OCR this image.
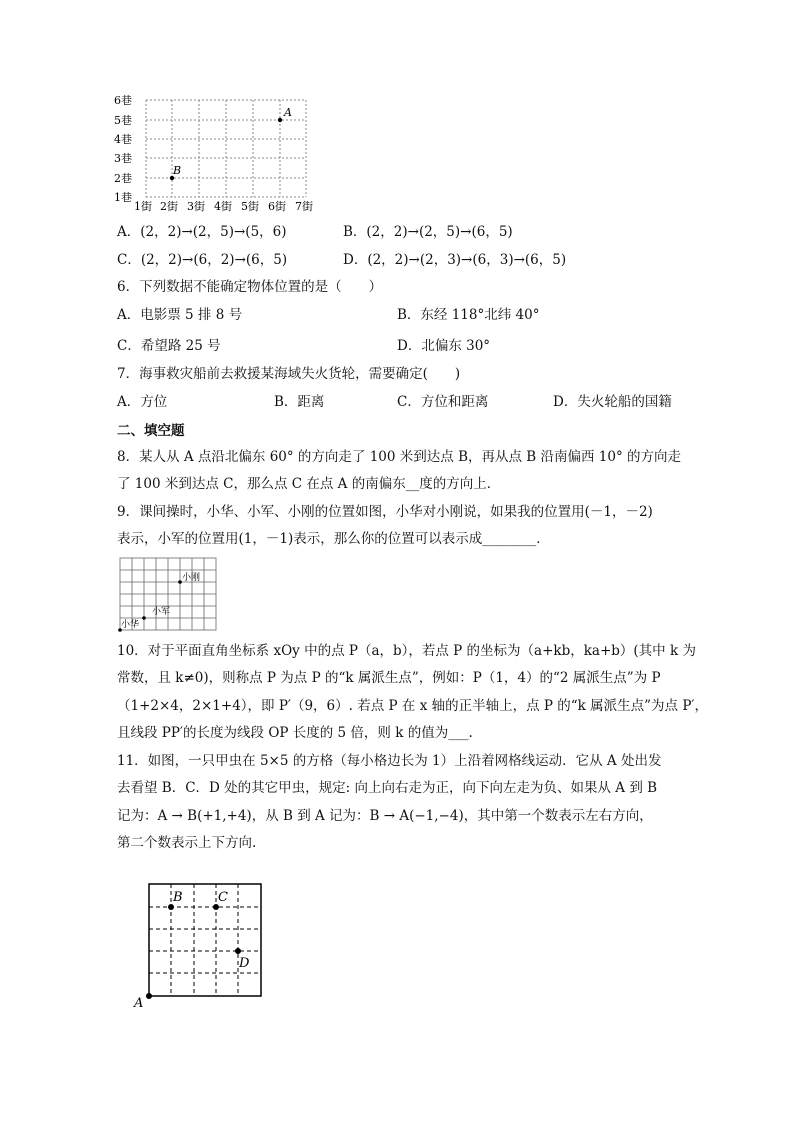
A
B
6巷
5巷
4巷
3巷
2巷
1巷
1街 2街 3街 4街 5街 6街 7街
A．(2，2)→(2，5)→(5，6)	B．(2，2)→(2，5)→(6，5)
C．(2，2)→(6，2)→(6，5)	D．(2，2)→(2，3)→(6，3)→(6，5)
6．下列数据不能确定物体位置的是（　　）
A．电影票 5 排 8 号	B．东经 118°北纬 40°
C．希望路 25 号	D．北偏东 30°
7．海事救灾船前去救援某海域失火货轮，需要确定(　　)
A．方位	B．距离	C．方位和距离	D．失火轮船的国籍
二、填空题
8．某人从 A 点沿北偏东 60° 的方向走了 100 米到达点 B，再从点 B 沿南偏西 10° 的方向走
了 100 米到达点 C，那么点 C 在点 A 的南偏东__度的方向上．
9．课间操时，小华、小军、小刚的位置如图，小华对小刚说，如果我的位置用(－1，－2)
表示，小军的位置用(1，－1)表示，那么你的位置可以表示成________．
小刚
小军
小华
10．对于平面直角坐标系 xOy 中的点 P（a，b），若点 P 的坐标为（a+kb，ka+b）(其中 k 为
常数，且 k≠0)，则称点 P 为点 P 的“k 属派生点”，例如：P（1，4）的“2 属派生点”为 P
（1+2×4，2×1+4），即 P′（9，6）. 若点 P 在 x 轴的正半轴上，点 P 的“k 属派生点”为点 P′，
且线段 PP′的长度为线段 OP 长度的 5 倍，则 k 的值为___.
11．如图，一只甲虫在 5×5 的方格（每小格边长为 1）上沿着网格线运动．它从 A 处出发
去看望 B．C．D 处的其它甲虫，规定: 向上向右走为正，向下向左走为负、如果从 A 到 B
记为：A → B(+1,+4)，从 B 到 A 记为：B → A(−1,−4)，其中第一个数表示左右方向，
第二个数表示上下方向.
A
B	C
D
